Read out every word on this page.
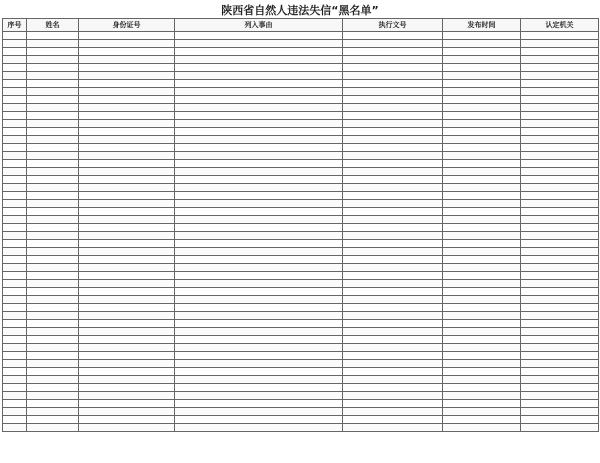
陕西省自然人违法失信“黑名单”
序号	姓名	身份证号	列入事由	执行文号	发布时间	认定机关
